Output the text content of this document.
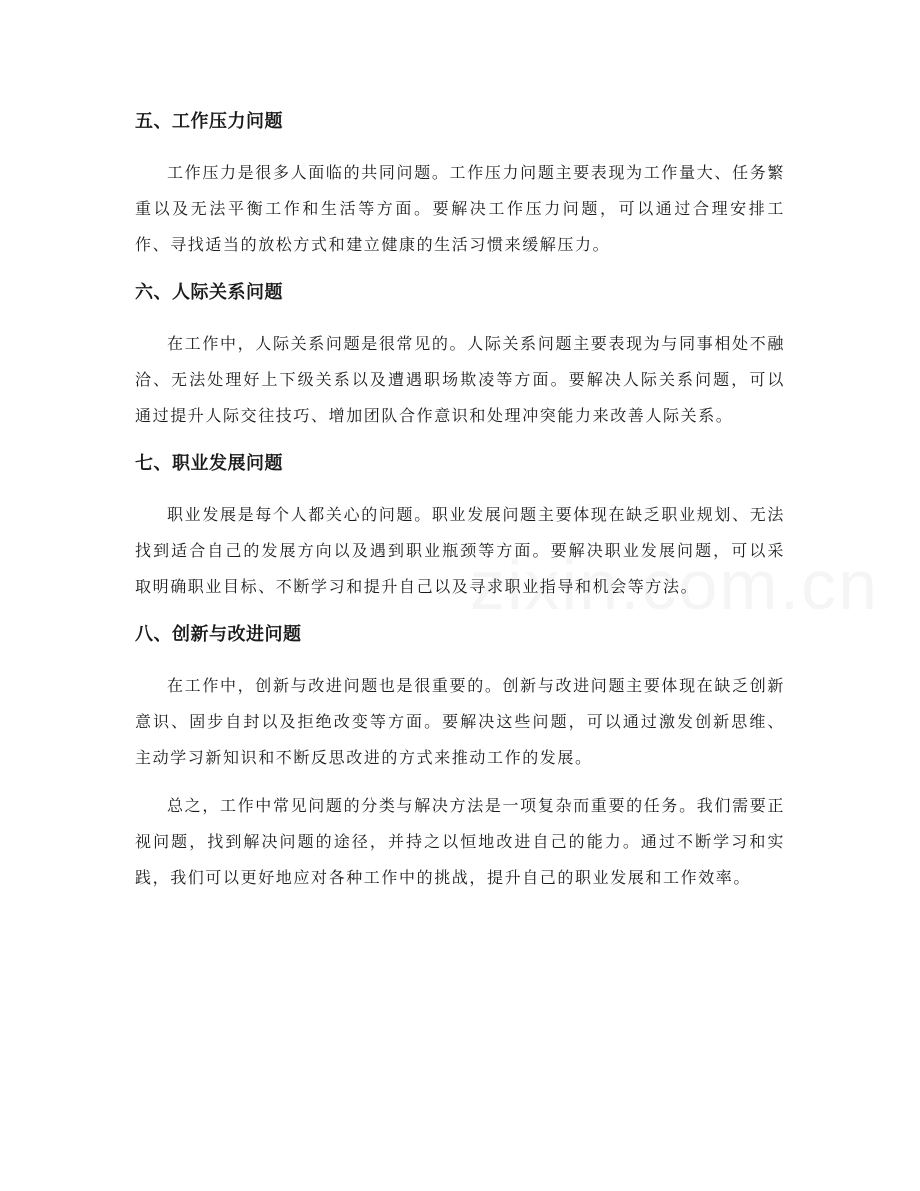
五、工作压力问题

工作压力是很多人面临的共同问题。工作压力问题主要表现为工作量大、任务繁重以及无法平衡工作和生活等方面。要解决工作压力问题，可以通过合理安排工作、寻找适当的放松方式和建立健康的生活习惯来缓解压力。

六、人际关系问题

在工作中，人际关系问题是很常见的。人际关系问题主要表现为与同事相处不融洽、无法处理好上下级关系以及遭遇职场欺凌等方面。要解决人际关系问题，可以通过提升人际交往技巧、增加团队合作意识和处理冲突能力来改善人际关系。

七、职业发展问题

职业发展是每个人都关心的问题。职业发展问题主要体现在缺乏职业规划、无法找到适合自己的发展方向以及遇到职业瓶颈等方面。要解决职业发展问题，可以采取明确职业目标、不断学习和提升自己以及寻求职业指导和机会等方法。

八、创新与改进问题

在工作中，创新与改进问题也是很重要的。创新与改进问题主要体现在缺乏创新意识、固步自封以及拒绝改变等方面。要解决这些问题，可以通过激发创新思维、主动学习新知识和不断反思改进的方式来推动工作的发展。

总之，工作中常见问题的分类与解决方法是一项复杂而重要的任务。我们需要正视问题，找到解决问题的途径，并持之以恒地改进自己的能力。通过不断学习和实践，我们可以更好地应对各种工作中的挑战，提升自己的职业发展和工作效率。
